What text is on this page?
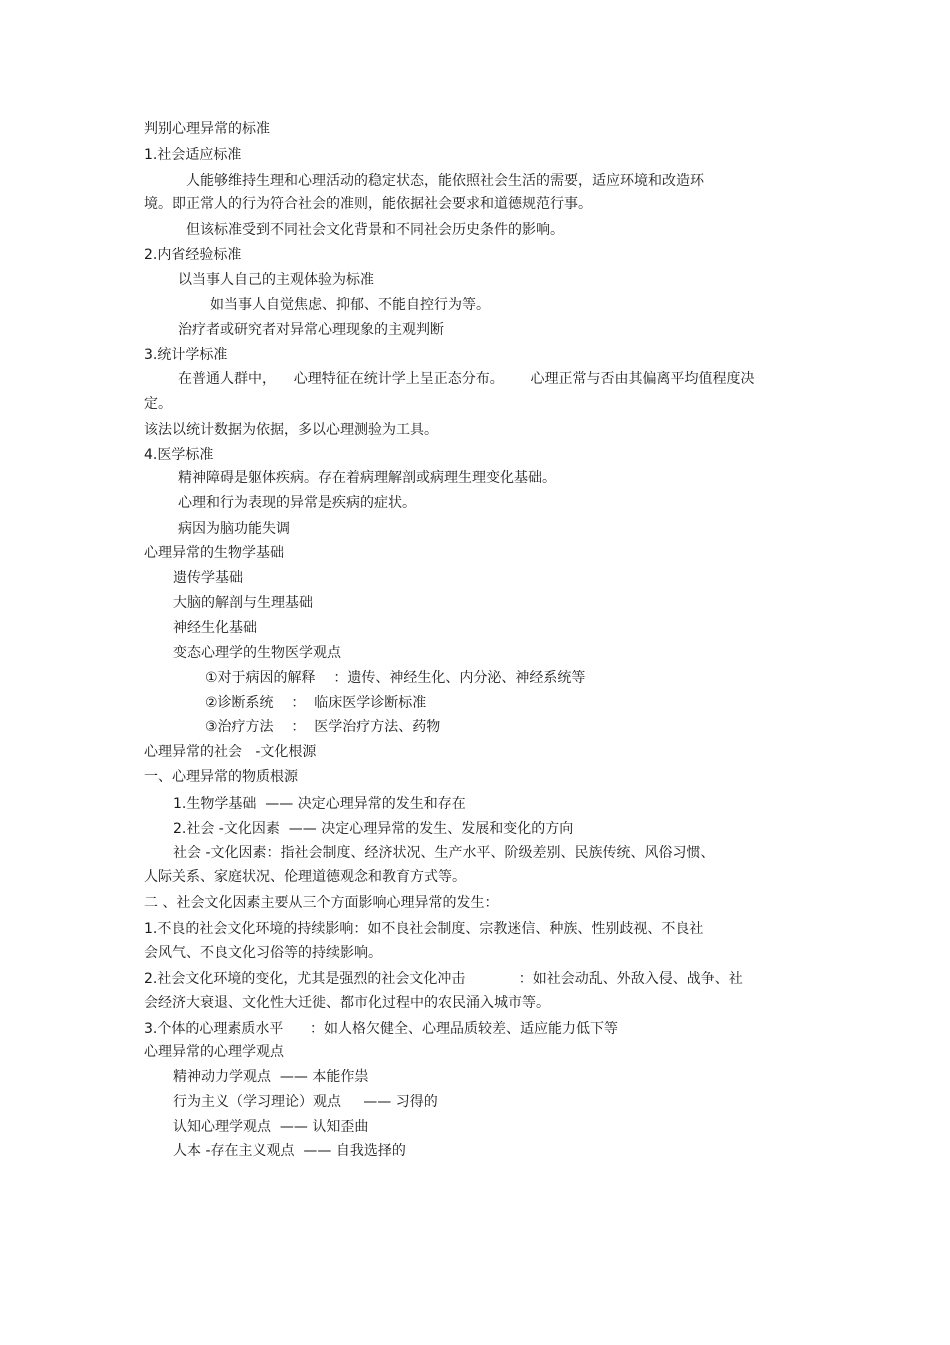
判别心理异常的标准
1.社会适应标准
人能够维持生理和心理活动的稳定状态，能依照社会生活的需要，适应环境和改造环
境。即正常人的行为符合社会的准则，能依据社会要求和道德规范行事。
但该标准受到不同社会文化背景和不同社会历史条件的影响。
2.内省经验标准
以当事人自己的主观体验为标准
如当事人自觉焦虑、抑郁、不能自控行为等。
治疗者或研究者对异常心理现象的主观判断
3.统计学标准
在普通人群中，    心理特征在统计学上呈正态分布。      心理正常与否由其偏离平均值程度决
定。
该法以统计数据为依据，多以心理测验为工具。
4.医学标准
精神障碍是躯体疾病。存在着病理解剖或病理生理变化基础。
心理和行为表现的异常是疾病的症状。
病因为脑功能失调
心理异常的生物学基础
遗传学基础
大脑的解剖与生理基础
神经生化基础
变态心理学的生物医学观点
①对于病因的解释    ：遗传、神经生化、内分泌、神经系统等
②诊断系统    ：  临床医学诊断标准
③治疗方法    ：  医学治疗方法、药物
心理异常的社会   -文化根源
一、心理异常的物质根源
1.生物学基础  —— 决定心理异常的发生和存在
2.社会 -文化因素  —— 决定心理异常的发生、发展和变化的方向
社会 -文化因素：指社会制度、经济状况、生产水平、阶级差别、民族传统、风俗习惯、
人际关系、家庭状况、伦理道德观念和教育方式等。
二 、社会文化因素主要从三个方面影响心理异常的发生：
1.不良的社会文化环境的持续影响：如不良社会制度、宗教迷信、种族、性别歧视、不良社
会风气、不良文化习俗等的持续影响。
2.社会文化环境的变化，尤其是强烈的社会文化冲击            ：如社会动乱、外敌入侵、战争、社
会经济大衰退、文化性大迁徙、都市化过程中的农民涌入城市等。
3.个体的心理素质水平      ：如人格欠健全、心理品质较差、适应能力低下等
心理异常的心理学观点
精神动力学观点  —— 本能作祟
行为主义（学习理论）观点     —— 习得的
认知心理学观点  —— 认知歪曲
人本 -存在主义观点  —— 自我选择的
